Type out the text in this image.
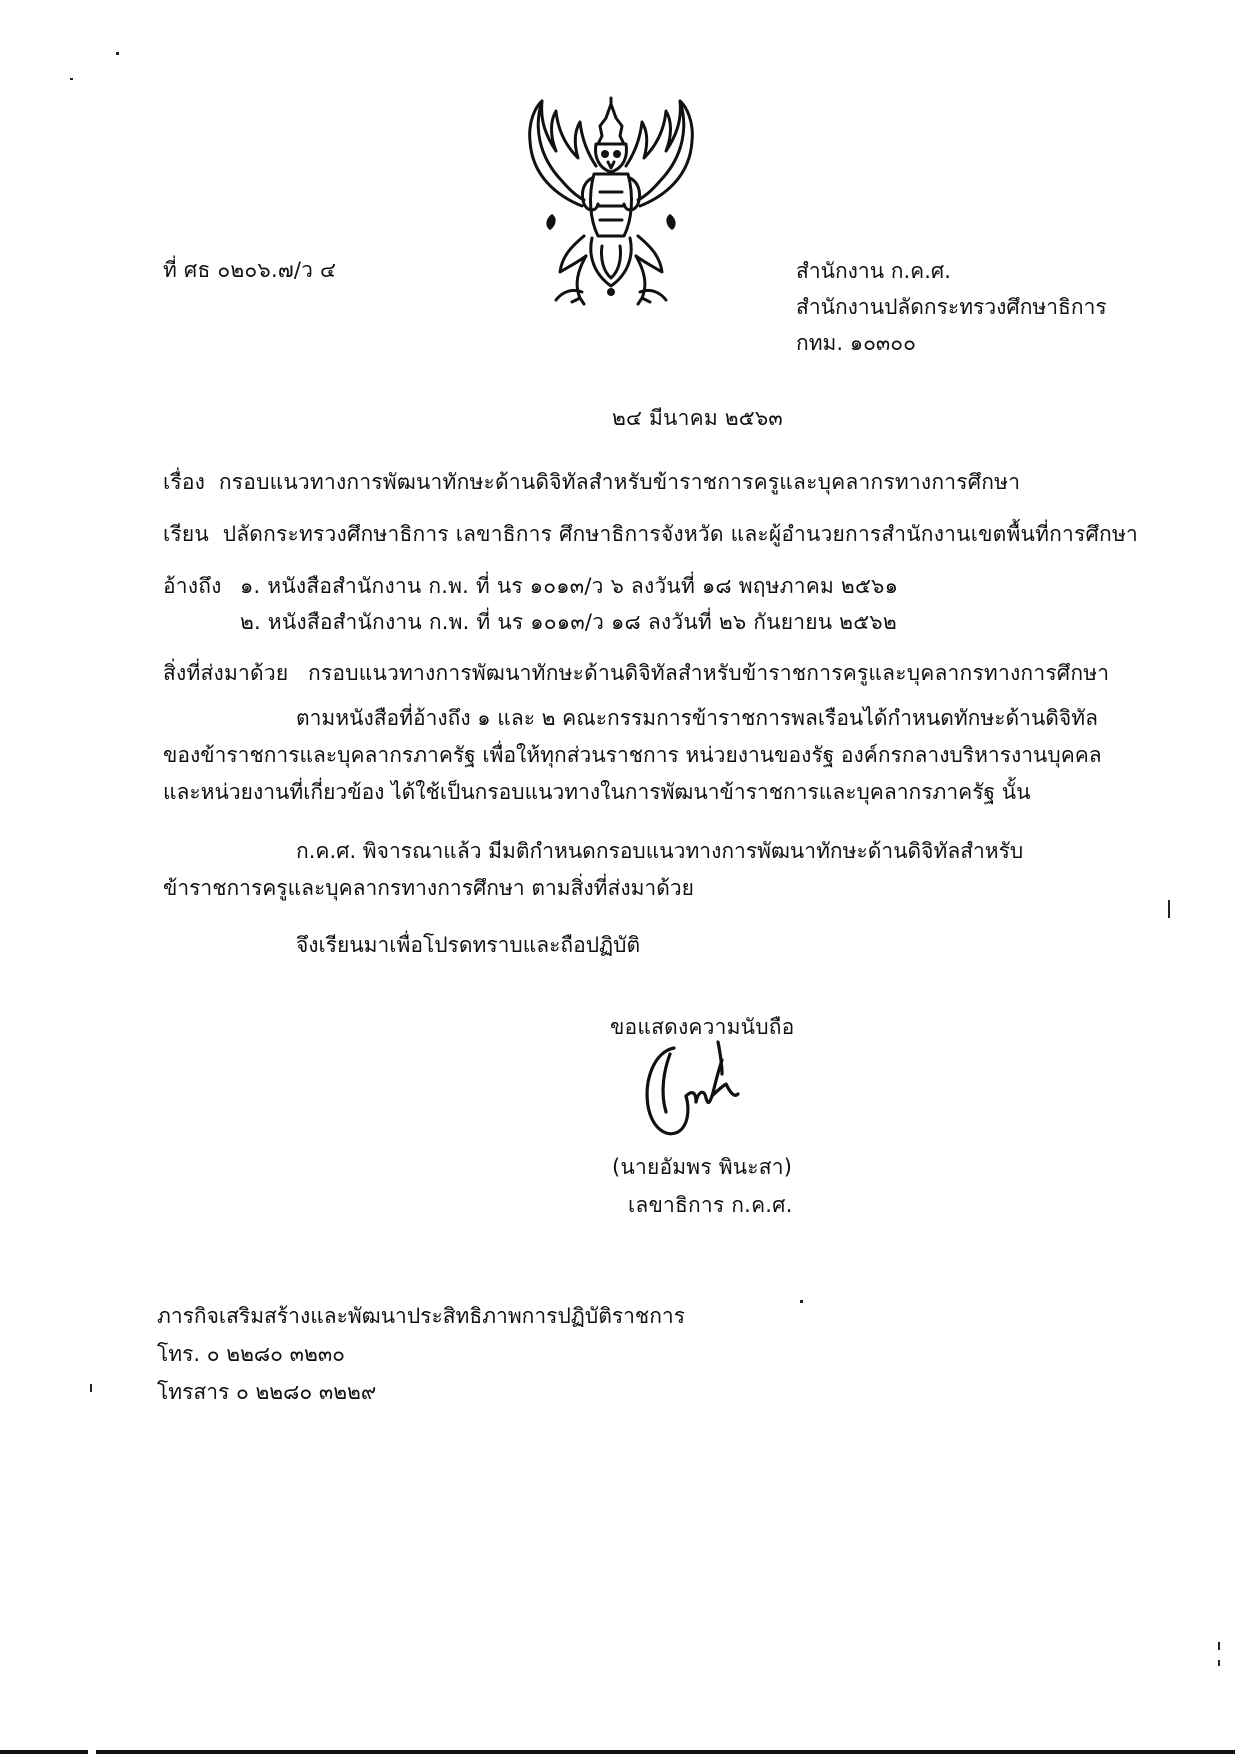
ที่ ศธ ๐๒๐๖.๗/ว ๔	สำนักงาน ก.ค.ศ.
สำนักงานปลัดกระทรวงศึกษาธิการ
กทม. ๑๐๓๐๐
๒๔ มีนาคม ๒๕๖๓
เรื่อง กรอบแนวทางการพัฒนาทักษะด้านดิจิทัลสำหรับข้าราชการครูและบุคลากรทางการศึกษา
เรียน ปลัดกระทรวงศึกษาธิการ เลขาธิการ ศึกษาธิการจังหวัด และผู้อำนวยการสำนักงานเขตพื้นที่การศึกษา
อ้างถึง ๑. หนังสือสำนักงาน ก.พ. ที่ นร ๑๐๑๓/ว ๖ ลงวันที่ ๑๘ พฤษภาคม ๒๕๖๑
๒. หนังสือสำนักงาน ก.พ. ที่ นร ๑๐๑๓/ว ๑๘ ลงวันที่ ๒๖ กันยายน ๒๕๖๒
สิ่งที่ส่งมาด้วย กรอบแนวทางการพัฒนาทักษะด้านดิจิทัลสำหรับข้าราชการครูและบุคลากรทางการศึกษา
ตามหนังสือที่อ้างถึง ๑ และ ๒ คณะกรรมการข้าราชการพลเรือนได้กำหนดทักษะด้านดิจิทัล
ของข้าราชการและบุคลากรภาครัฐ เพื่อให้ทุกส่วนราชการ หน่วยงานของรัฐ องค์กรกลางบริหารงานบุคคล
และหน่วยงานที่เกี่ยวข้อง ได้ใช้เป็นกรอบแนวทางในการพัฒนาข้าราชการและบุคลากรภาครัฐ นั้น
ก.ค.ศ. พิจารณาแล้ว มีมติกำหนดกรอบแนวทางการพัฒนาทักษะด้านดิจิทัลสำหรับ
ข้าราชการครูและบุคลากรทางการศึกษา ตามสิ่งที่ส่งมาด้วย
จึงเรียนมาเพื่อโปรดทราบและถือปฏิบัติ
ขอแสดงความนับถือ
(นายอัมพร พินะสา)
เลขาธิการ ก.ค.ศ.
ภารกิจเสริมสร้างและพัฒนาประสิทธิภาพการปฏิบัติราชการ
โทร. ๐ ๒๒๘๐ ๓๒๓๐
โทรสาร ๐ ๒๒๘๐ ๓๒๒๙
